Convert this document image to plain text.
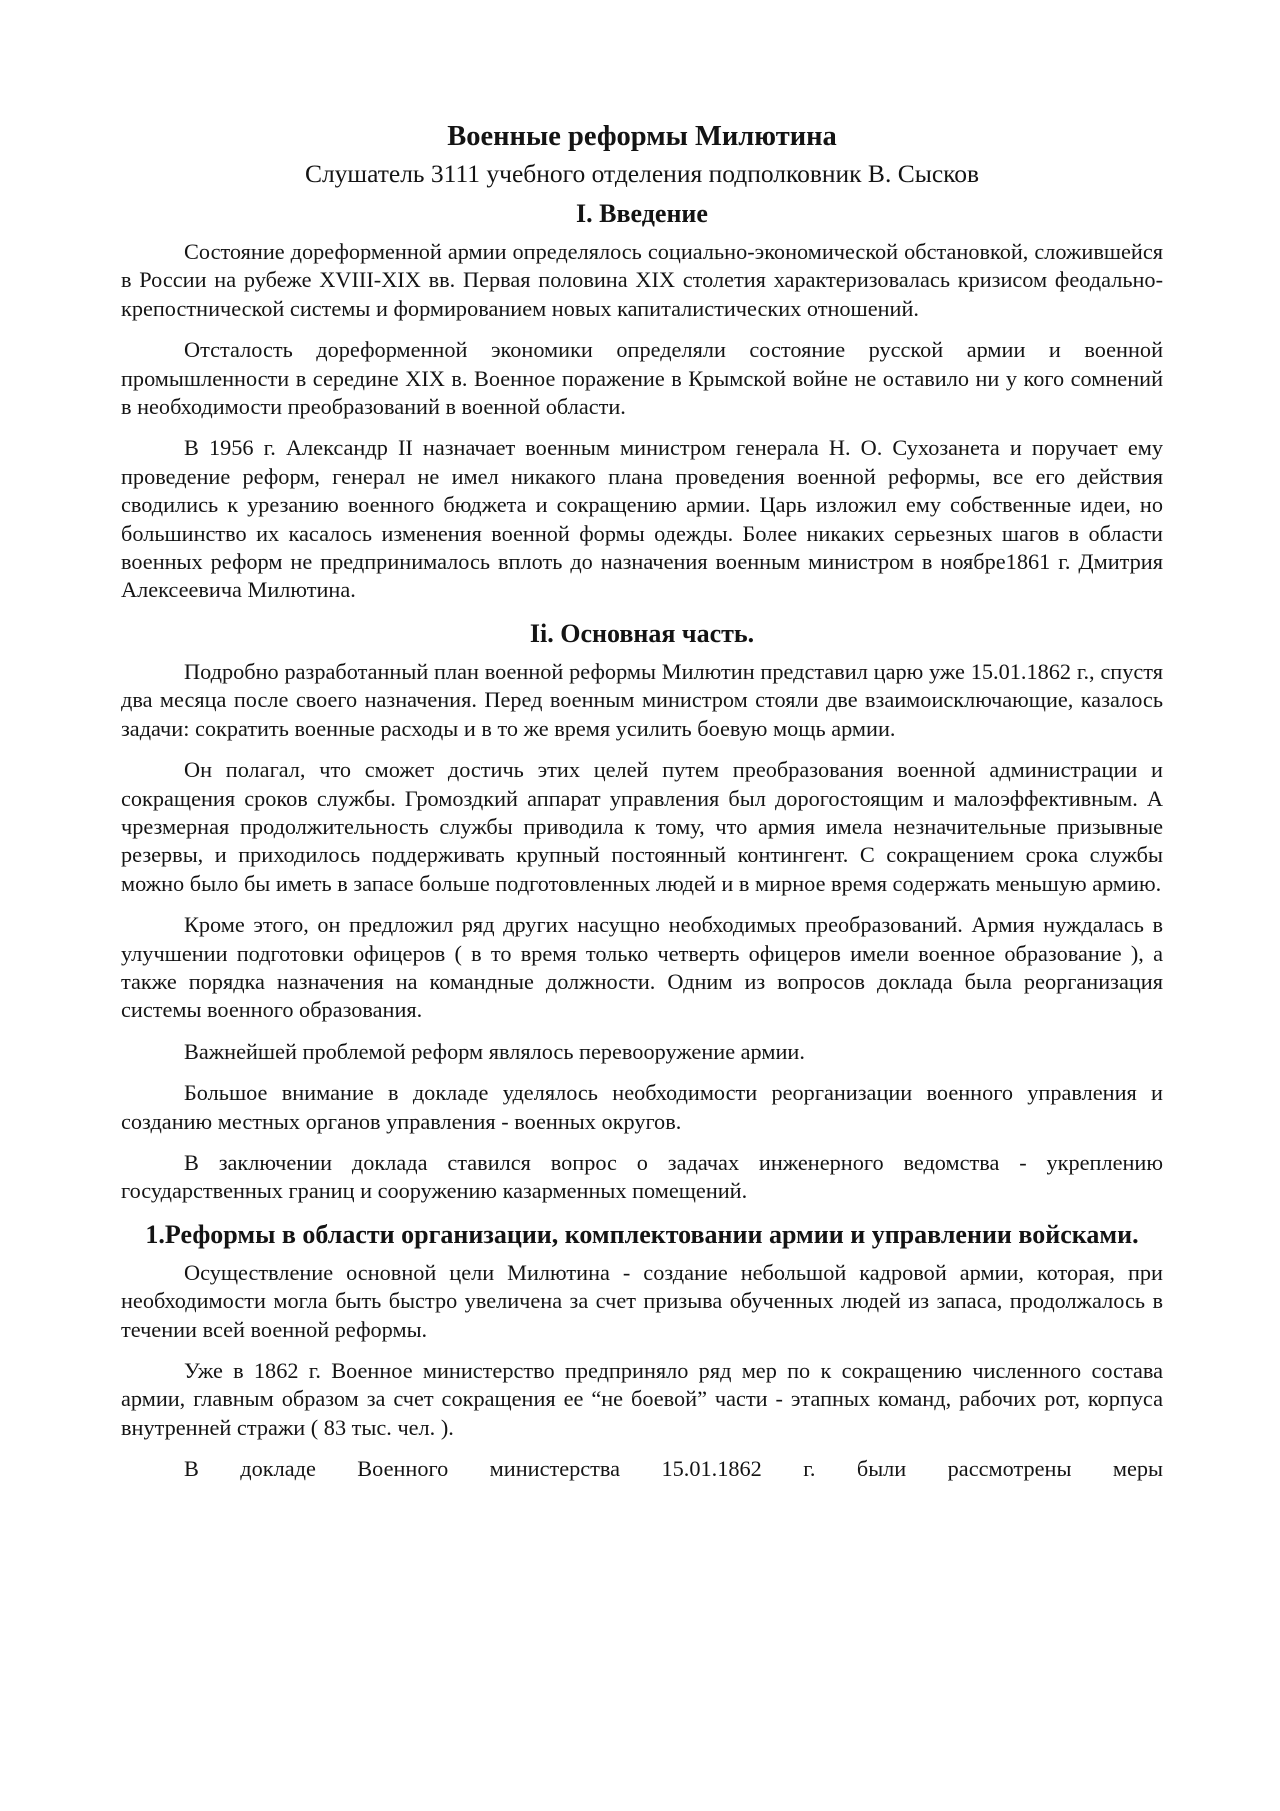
Военные реформы Милютина
Слушатель 3111 учебного отделения подполковник В. Сысков
I. Введение

Состояние дореформенной армии определялось социально-экономической обстановкой, сложившейся в России на рубеже XVIII-XIX вв. Первая половина XIX столетия характеризовалась кризисом феодально-крепостнической системы и формированием новых капиталистических отношений.

Отсталость дореформенной экономики определяли состояние русской армии и военной промышленности в середине XIX в. Военное поражение в Крымской войне не оставило ни у кого сомнений в необходимости преобразований в военной области.

В 1956 г. Александр II назначает военным министром генерала Н. О. Сухозанета и поручает ему проведение реформ, генерал не имел никакого плана проведения военной реформы, все его действия сводились к урезанию военного бюджета и сокращению армии. Царь изложил ему собственные идеи, но большинство их касалось изменения военной формы одежды. Более никаких серьезных шагов в области военных реформ не предпринималось вплоть до назначения военным министром в ноябре1861 г. Дмитрия Алексеевича Милютина.

Ii. Основная часть.

Подробно разработанный план военной реформы Милютин представил царю уже 15.01.1862 г., спустя два месяца после своего назначения. Перед военным министром стояли две взаимоисключающие, казалось задачи: сократить военные расходы и в то же время усилить боевую мощь армии.

Он полагал, что сможет достичь этих целей путем преобразования военной администрации и сокращения сроков службы. Громоздкий аппарат управления был дорогостоящим и малоэффективным. А чрезмерная продолжительность службы приводила к тому, что армия имела незначительные призывные резервы, и приходилось поддерживать крупный постоянный контингент. С сокращением срока службы можно было бы иметь в запасе больше подготовленных людей и в мирное время содержать меньшую армию.

Кроме этого, он предложил ряд других насущно необходимых преобразований. Армия нуждалась в улучшении подготовки офицеров ( в то время только четверть офицеров имели военное образование ), а также порядка назначения на командные должности. Одним из вопросов доклада была реорганизация системы военного образования.

Важнейшей проблемой реформ являлось перевооружение армии.

Большое внимание в докладе уделялось необходимости реорганизации военного управления и созданию местных органов управления - военных округов.

В заключении доклада ставился вопрос о задачах инженерного ведомства - укреплению государственных границ и сооружению казарменных помещений.

1.Реформы в области организации, комплектовании армии и управлении войсками.

Осуществление основной цели Милютина - создание небольшой кадровой армии, которая, при необходимости могла быть быстро увеличена за счет призыва обученных людей из запаса, продолжалось в течении всей военной реформы.

Уже в 1862 г. Военное министерство предприняло ряд мер по к сокращению численного состава армии, главным образом за счет сокращения ее “не боевой” части - этапных команд, рабочих рот, корпуса внутренней стражи ( 83 тыс. чел. ).

В докладе Военного министерства 15.01.1862 г. были рассмотрены меры
